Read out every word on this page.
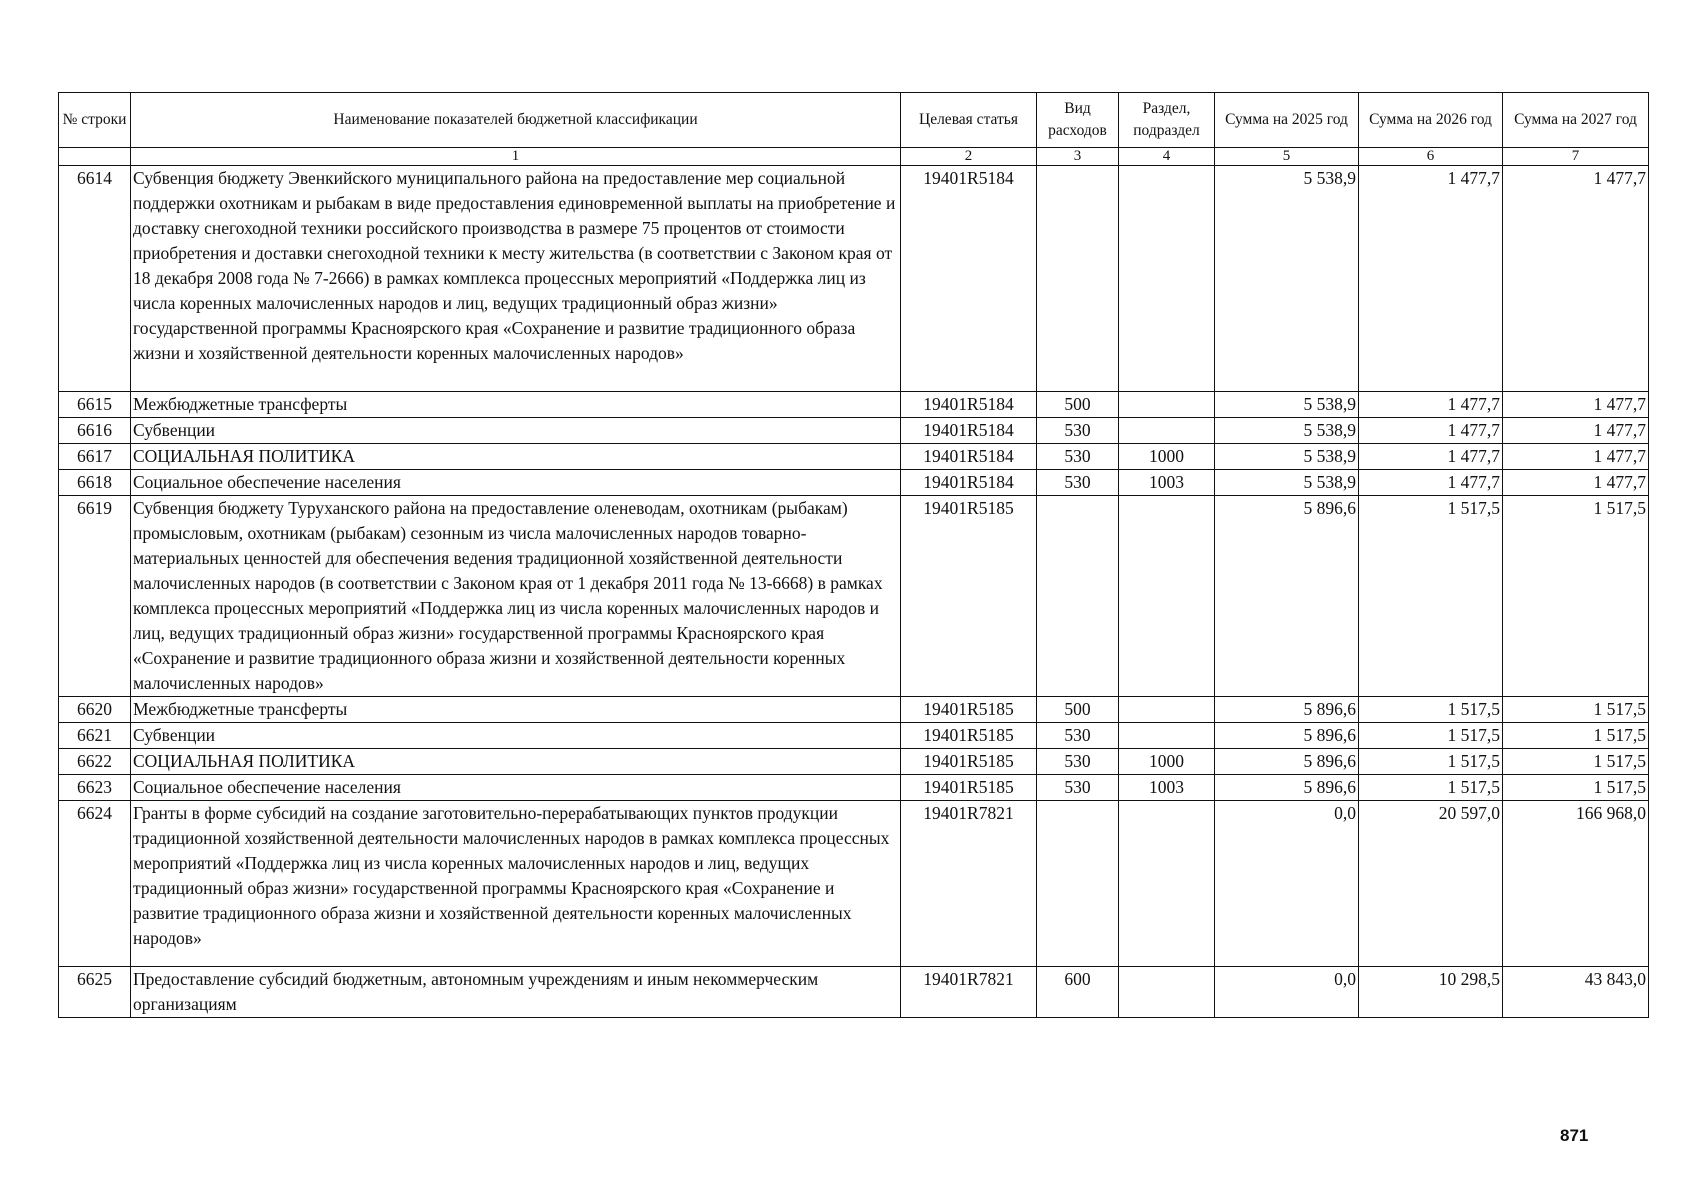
№ строки	Наименование показателей бюджетной классификации	Целевая статья	Вид расходов	Раздел, подраздел	Сумма на 2025 год	Сумма на 2026 год	Сумма на 2027 год
	1	2	3	4	5	6	7
6614	Субвенция бюджету Эвенкийского муниципального района на предоставление мер социальной поддержки охотникам и рыбакам в виде предоставления единовременной выплаты на приобретение и доставку снегоходной техники российского производства в размере 75 процентов от стоимости приобретения и доставки снегоходной техники к месту жительства (в соответствии с Законом края от 18 декабря 2008 года № 7-2666) в рамках комплекса процессных мероприятий «Поддержка лиц из числа коренных малочисленных народов и лиц, ведущих традиционный образ жизни» государственной программы Красноярского края «Сохранение и развитие традиционного образа жизни и хозяйственной деятельности коренных малочисленных народов»	19401R5184			5 538,9	1 477,7	1 477,7
6615	Межбюджетные трансферты	19401R5184	500		5 538,9	1 477,7	1 477,7
6616	Субвенции	19401R5184	530		5 538,9	1 477,7	1 477,7
6617	СОЦИАЛЬНАЯ ПОЛИТИКА	19401R5184	530	1000	5 538,9	1 477,7	1 477,7
6618	Социальное обеспечение населения	19401R5184	530	1003	5 538,9	1 477,7	1 477,7
6619	Субвенция бюджету Туруханского района на предоставление оленеводам, охотникам (рыбакам) промысловым, охотникам (рыбакам) сезонным из числа малочисленных народов товарно-материальных ценностей для обеспечения ведения традиционной хозяйственной деятельности малочисленных народов (в соответствии с Законом края от 1 декабря 2011 года № 13-6668) в рамках комплекса процессных мероприятий «Поддержка лиц из числа коренных малочисленных народов и лиц, ведущих традиционный образ жизни» государственной программы Красноярского края «Сохранение и развитие традиционного образа жизни и хозяйственной деятельности коренных малочисленных народов»	19401R5185			5 896,6	1 517,5	1 517,5
6620	Межбюджетные трансферты	19401R5185	500		5 896,6	1 517,5	1 517,5
6621	Субвенции	19401R5185	530		5 896,6	1 517,5	1 517,5
6622	СОЦИАЛЬНАЯ ПОЛИТИКА	19401R5185	530	1000	5 896,6	1 517,5	1 517,5
6623	Социальное обеспечение населения	19401R5185	530	1003	5 896,6	1 517,5	1 517,5
6624	Гранты в форме субсидий на создание заготовительно-перерабатывающих пунктов продукции традиционной хозяйственной деятельности малочисленных народов в рамках комплекса процессных мероприятий «Поддержка лиц из числа коренных малочисленных народов и лиц, ведущих традиционный образ жизни» государственной программы Красноярского края «Сохранение и развитие традиционного образа жизни и хозяйственной деятельности коренных малочисленных народов»	19401R7821			0,0	20 597,0	166 968,0
6625	Предоставление субсидий бюджетным, автономным учреждениям и иным некоммерческим организациям	19401R7821	600		0,0	10 298,5	43 843,0
871
